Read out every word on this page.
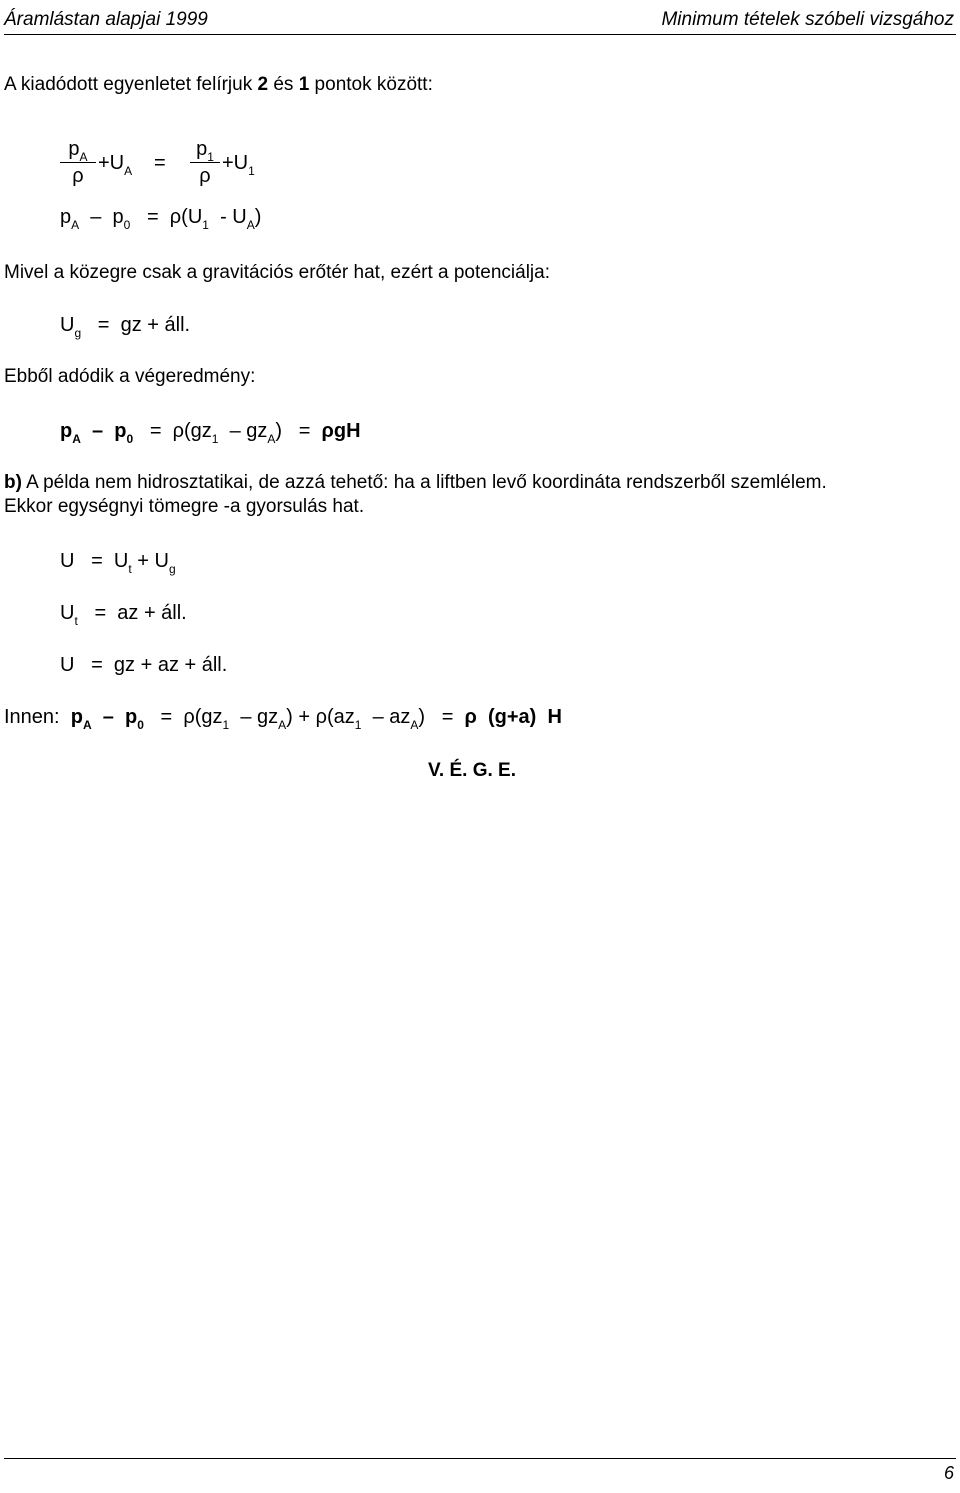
Áramlástan alapjai 1999	Minimum tételek szóbeli vizsgához
A kiadódott egyenletet felírjuk 2 és 1 pontok között:
$\frac{p_A}{\rho} +U_A = \frac{p_1}{\rho} +U_1$
$p_A - p_0 = \rho(U_1 - U_A)$
Mivel a közegre csak a gravitációs erőtér hat, ezért a potenciálja:
$U_g$   =  gz + áll.
Ebből adódik a végeredmény:
$p_A - p_0 = \rho(gz_1 - gz_A) = \rho gH$
b) A példa nem hidrosztatikai, de azzá tehető: ha a liftben levő koordináta rendszerből szemlélem.
Ekkor egységnyi tömegre -a gyorsulás hat.
$U = U_t + U_g$
$U_t$   =  az + áll.
U   =  gz + az + áll.
Innen: $p_A - p_0 = \rho(gz_1 - gz_A) + \rho(az_1 - az_A) = \rho$  (g+a)  H
V. É. G. E.
6
